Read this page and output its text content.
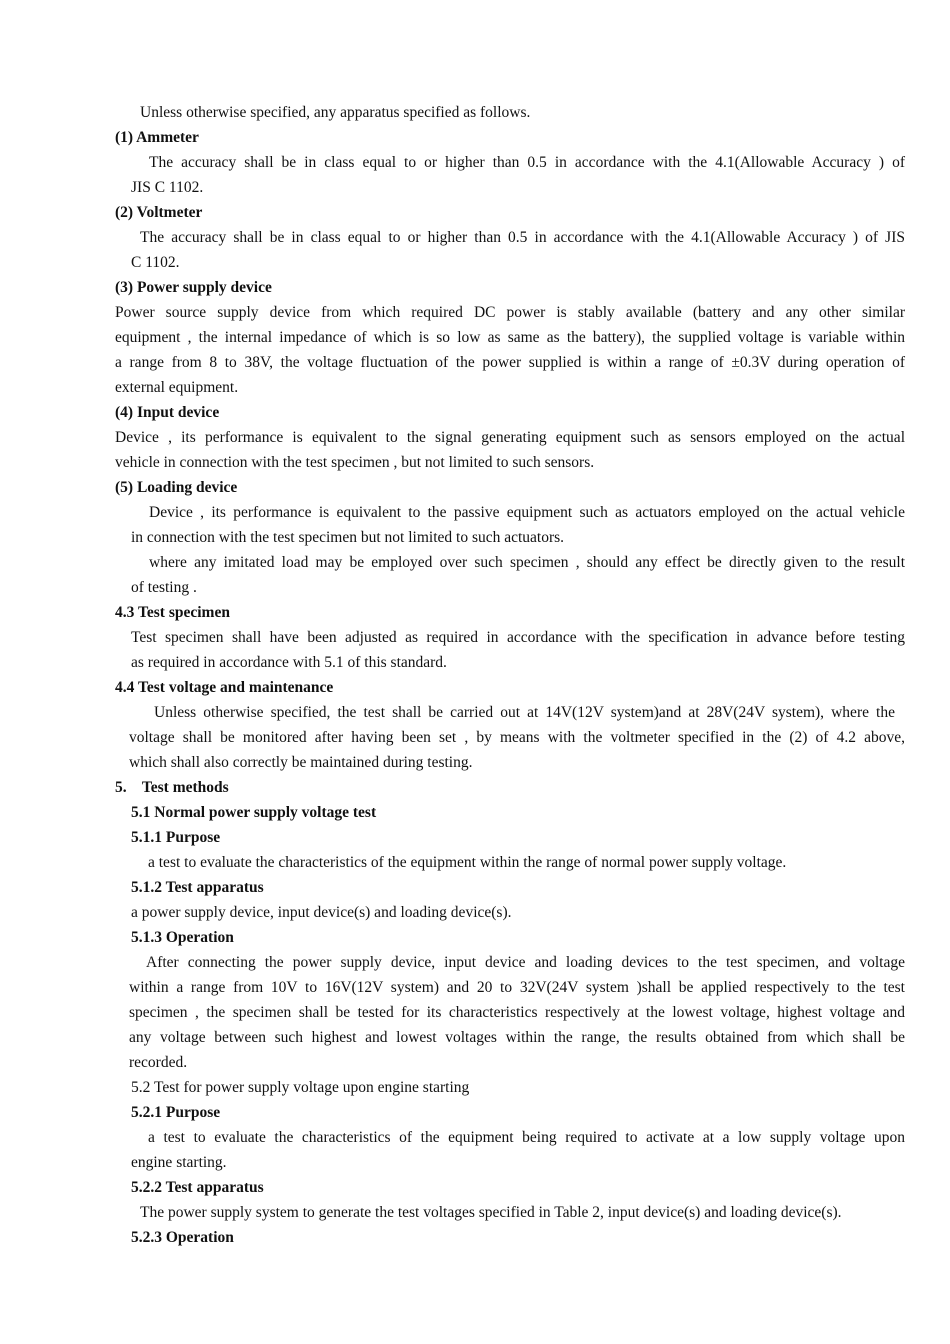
Unless otherwise specified, any apparatus specified as follows.
(1) Ammeter
The accuracy shall be in class equal to or higher than 0.5 in accordance with the 4.1(Allowable Accuracy ) of
JIS C 1102.
(2) Voltmeter
The accuracy shall be in class equal to or higher than 0.5 in accordance with the 4.1(Allowable Accuracy ) of JIS
C 1102.
(3) Power supply device
Power source supply device from which required DC power is stably available (battery and any other similar
equipment , the internal impedance of which is so low as same as the battery), the supplied voltage is variable within
a range from 8 to 38V, the voltage fluctuation of the power supplied is within a range of ±0.3V during operation of
external equipment.
(4) Input device
Device , its performance is equivalent to the signal generating equipment such as sensors employed on the actual
vehicle in connection with the test specimen , but not limited to such sensors.
(5) Loading device
Device , its performance is equivalent to the passive equipment such as actuators employed on the actual vehicle
in connection with the test specimen but not limited to such actuators.
where any imitated load may be employed over such specimen , should any effect be directly given to the result
of testing .
4.3 Test specimen
Test specimen shall have been adjusted as required in accordance with the specification in advance before testing
as required in accordance with 5.1 of this standard.
4.4 Test voltage and maintenance
Unless otherwise specified, the test shall be carried out at 14V(12V system)and at 28V(24V system), where the
voltage shall be monitored after having been set , by means with the voltmeter specified in the (2) of 4.2 above,
which shall also correctly be maintained during testing.
5.    Test methods
5.1 Normal power supply voltage test
5.1.1 Purpose
a test to evaluate the characteristics of the equipment within the range of normal power supply voltage.
5.1.2 Test apparatus
a power supply device, input device(s) and loading device(s).
5.1.3 Operation
After connecting the power supply device, input device and loading devices to the test specimen, and voltage
within a range from 10V to 16V(12V system) and 20 to 32V(24V system )shall be applied respectively to the test
specimen , the specimen shall be tested for its characteristics respectively at the lowest voltage, highest voltage and
any voltage between such highest and lowest voltages within the range, the results obtained from which shall be
recorded.
5.2 Test for power supply voltage upon engine starting
5.2.1 Purpose
a test to evaluate the characteristics of the equipment being required to activate at a low supply voltage upon
engine starting.
5.2.2 Test apparatus
The power supply system to generate the test voltages specified in Table 2, input device(s) and loading device(s).
5.2.3 Operation
